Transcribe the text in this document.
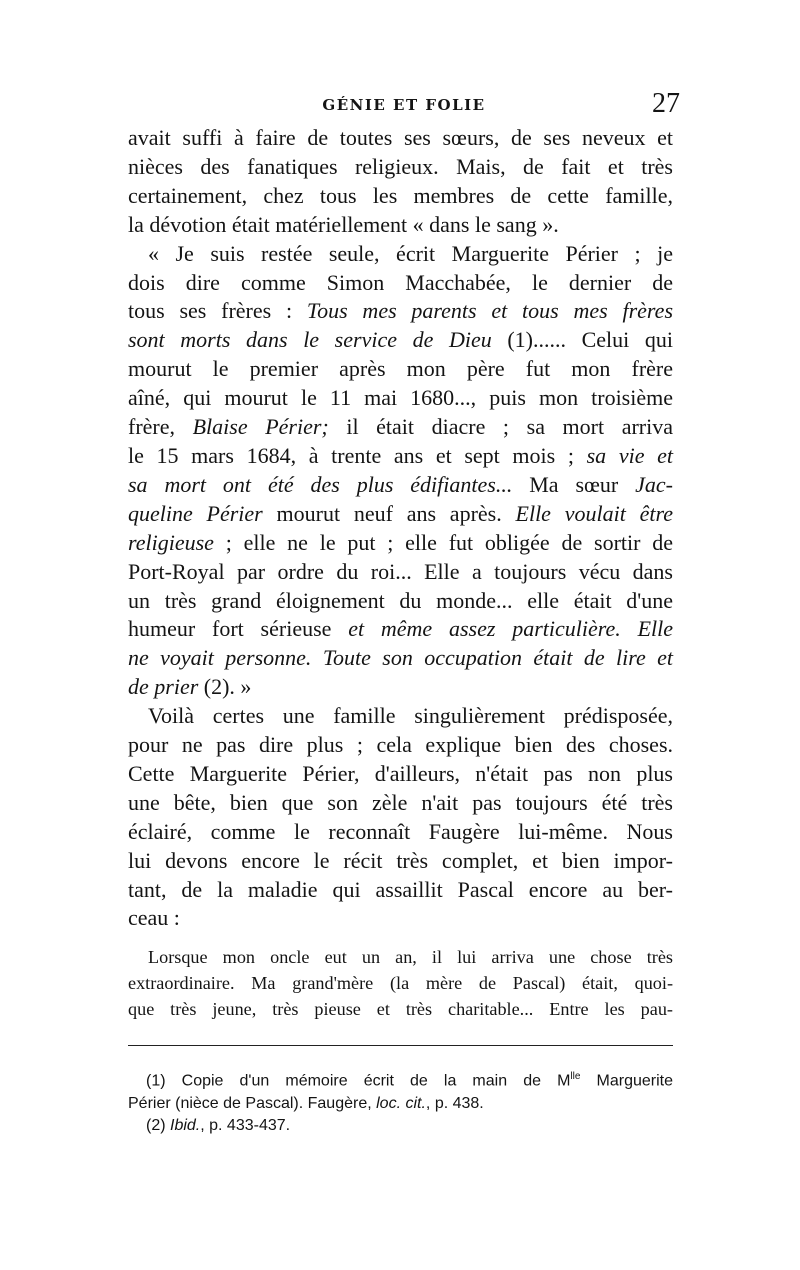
GÉNIE ET FOLIE	27
avait suffi à faire de toutes ses sœurs, de ses neveux et
nièces des fanatiques religieux. Mais, de fait et très
certainement, chez tous les membres de cette famille,
la dévotion était matériellement « dans le sang ».
« Je suis restée seule, écrit Marguerite Périer ; je
dois dire comme Simon Macchabée, le dernier de
tous ses frères : Tous mes parents et tous mes frères
sont morts dans le service de Dieu (1)...... Celui qui
mourut le premier après mon père fut mon frère
aîné, qui mourut le 11 mai 1680..., puis mon troisième
frère, Blaise Périer; il était diacre ; sa mort arriva
le 15 mars 1684, à trente ans et sept mois ; sa vie et
sa mort ont été des plus édifiantes... Ma sœur Jac-
queline Périer mourut neuf ans après. Elle voulait être
religieuse ; elle ne le put ; elle fut obligée de sortir de
Port-Royal par ordre du roi... Elle a toujours vécu dans
un très grand éloignement du monde... elle était d'une
humeur fort sérieuse et même assez particulière. Elle
ne voyait personne. Toute son occupation était de lire et
de prier (2). »
Voilà certes une famille singulièrement prédisposée,
pour ne pas dire plus ; cela explique bien des choses.
Cette Marguerite Périer, d'ailleurs, n'était pas non plus
une bête, bien que son zèle n'ait pas toujours été très
éclairé, comme le reconnaît Faugère lui-même. Nous
lui devons encore le récit très complet, et bien impor-
tant, de la maladie qui assaillit Pascal encore au ber-
ceau :
Lorsque mon oncle eut un an, il lui arriva une chose très
extraordinaire. Ma grand'mère (la mère de Pascal) était, quoi-
que très jeune, très pieuse et très charitable... Entre les pau-
(1) Copie d'un mémoire écrit de la main de $M^{lle}$ Marguerite
Périer (nièce de Pascal). Faugère, loc. cit., p. 438.
(2) Ibid., p. 433-437.
